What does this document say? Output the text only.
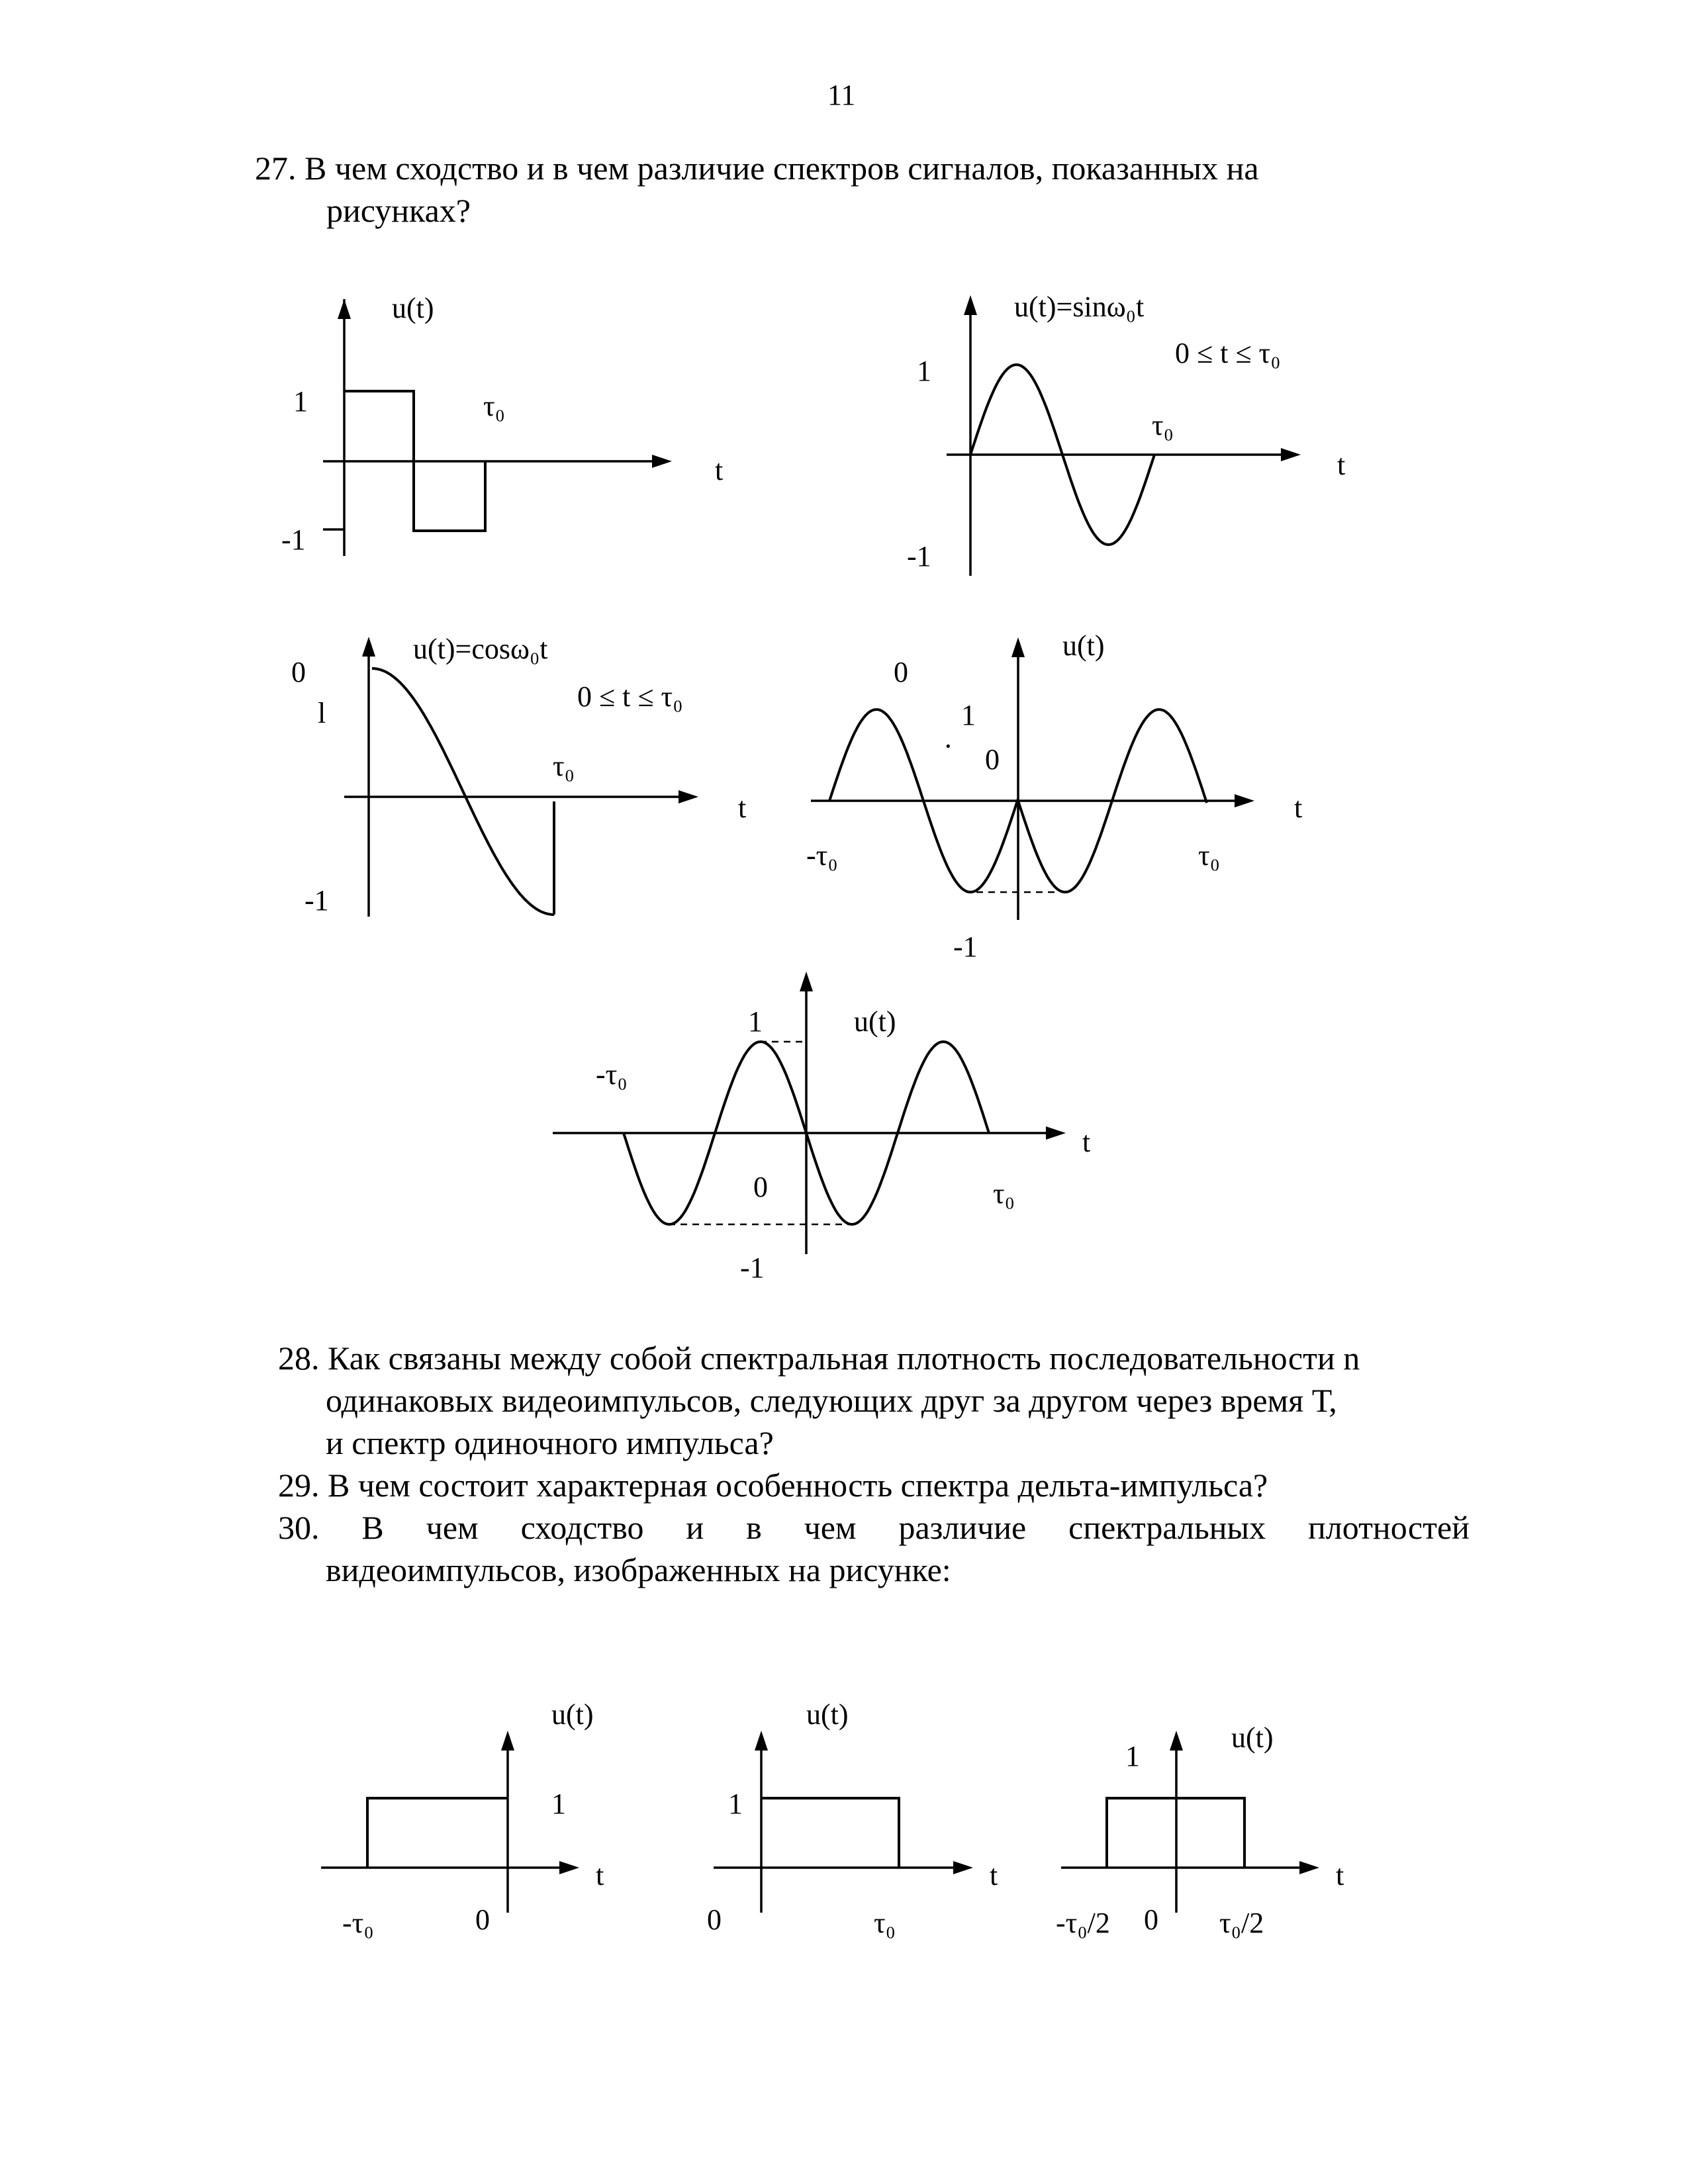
11
27. В чем сходство и в чем различие спектров сигналов, показанных на
рисунках?
u(t)
1	τ₀
t
-1
u(t)=sinω₀t
0 ≤ t ≤ τ₀
1
τ₀
t
-1
u(t)=cosω₀t
0 ≤ t ≤ τ₀
0
l
τ₀
t
-1
u(t)
0
1
· 0
t
-τ₀	τ₀
-1
u(t)
1
-τ₀
t
0	τ₀
-1
u(t)
1
t
-τ₀	0
u(t)
1
t
0	τ₀
u(t)
1
t
-τ₀/2 0 τ₀/2
28. Как связаны между собой спектральная плотность последовательности n
одинаковых видеоимпульсов, следующих друг за другом через время Т,
и спектр одиночного импульса?
29. В чем состоит характерная особенность спектра дельта-импульса?
30. В чем сходство и в чем различие спектральных плотностей
видеоимпульсов, изображенных на рисунке:
